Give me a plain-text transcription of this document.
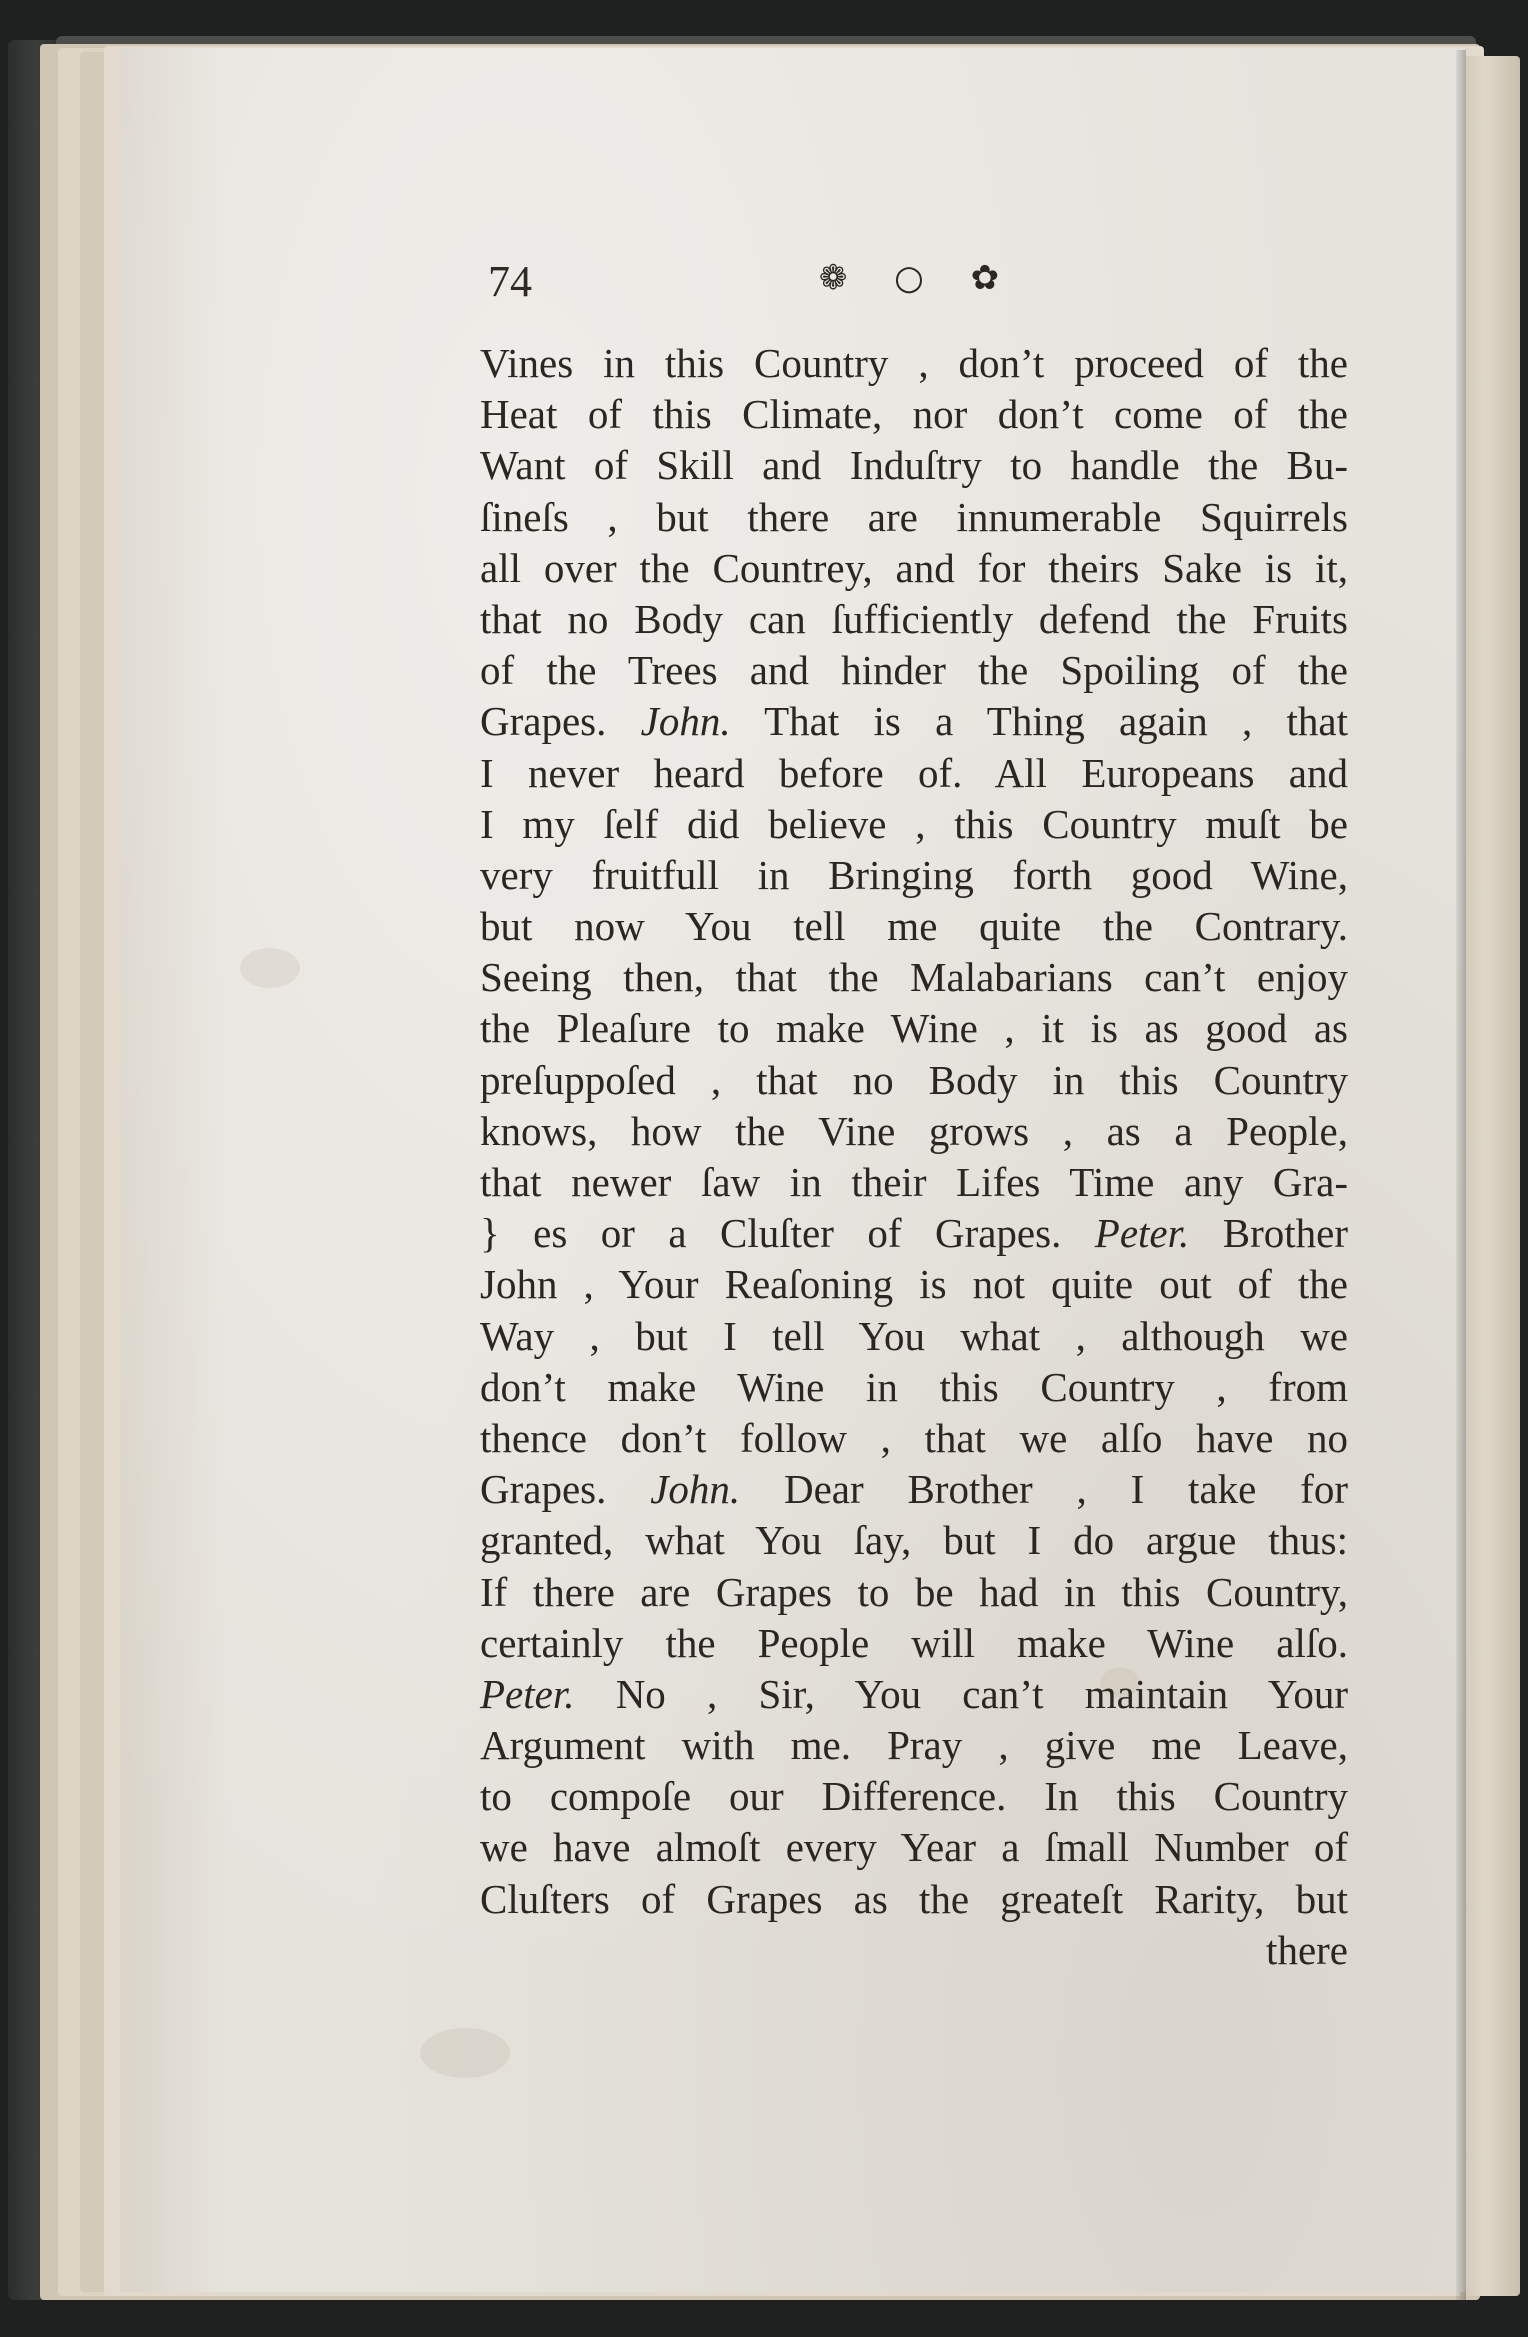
74	❁ ○ ✿
Vines in this Country , don’t proceed of the
Heat of this Climate, nor don’t come of the
Want of Skill and Induſtry to handle the Bu-
ſineſs , but there are innumerable Squirrels
all over the Countrey, and for theirs Sake is it,
that no Body can ſufficiently defend the Fruits
of the Trees and hinder the Spoiling of the
Grapes. John. That is a Thing again , that
I never heard before of. All Europeans and
I my ſelf did believe , this Country muſt be
very fruitfull in Bringing forth good Wine,
but now You tell me quite the Contrary.
Seeing then, that the Malabarians can’t enjoy
the Pleaſure to make Wine , it is as good as
preſuppoſed , that no Body in this Country
knows, how the Vine grows , as a People,
that newer ſaw in their Lifes Time any Gra-
} es or a Cluſter of Grapes. Peter. Brother
John , Your Reaſoning is not quite out of the
Way , but I tell You what , although we
don’t make Wine in this Country , from
thence don’t follow , that we alſo have no
Grapes. John. Dear Brother , I take for
granted, what You ſay, but I do argue thus:
If there are Grapes to be had in this Country,
certainly the People will make Wine alſo.
Peter. No , Sir, You can’t maintain Your
Argument with me. Pray , give me Leave,
to compoſe our Difference. In this Country
we have almoſt every Year a ſmall Number of
Cluſters of Grapes as the greateſt Rarity, but
there
